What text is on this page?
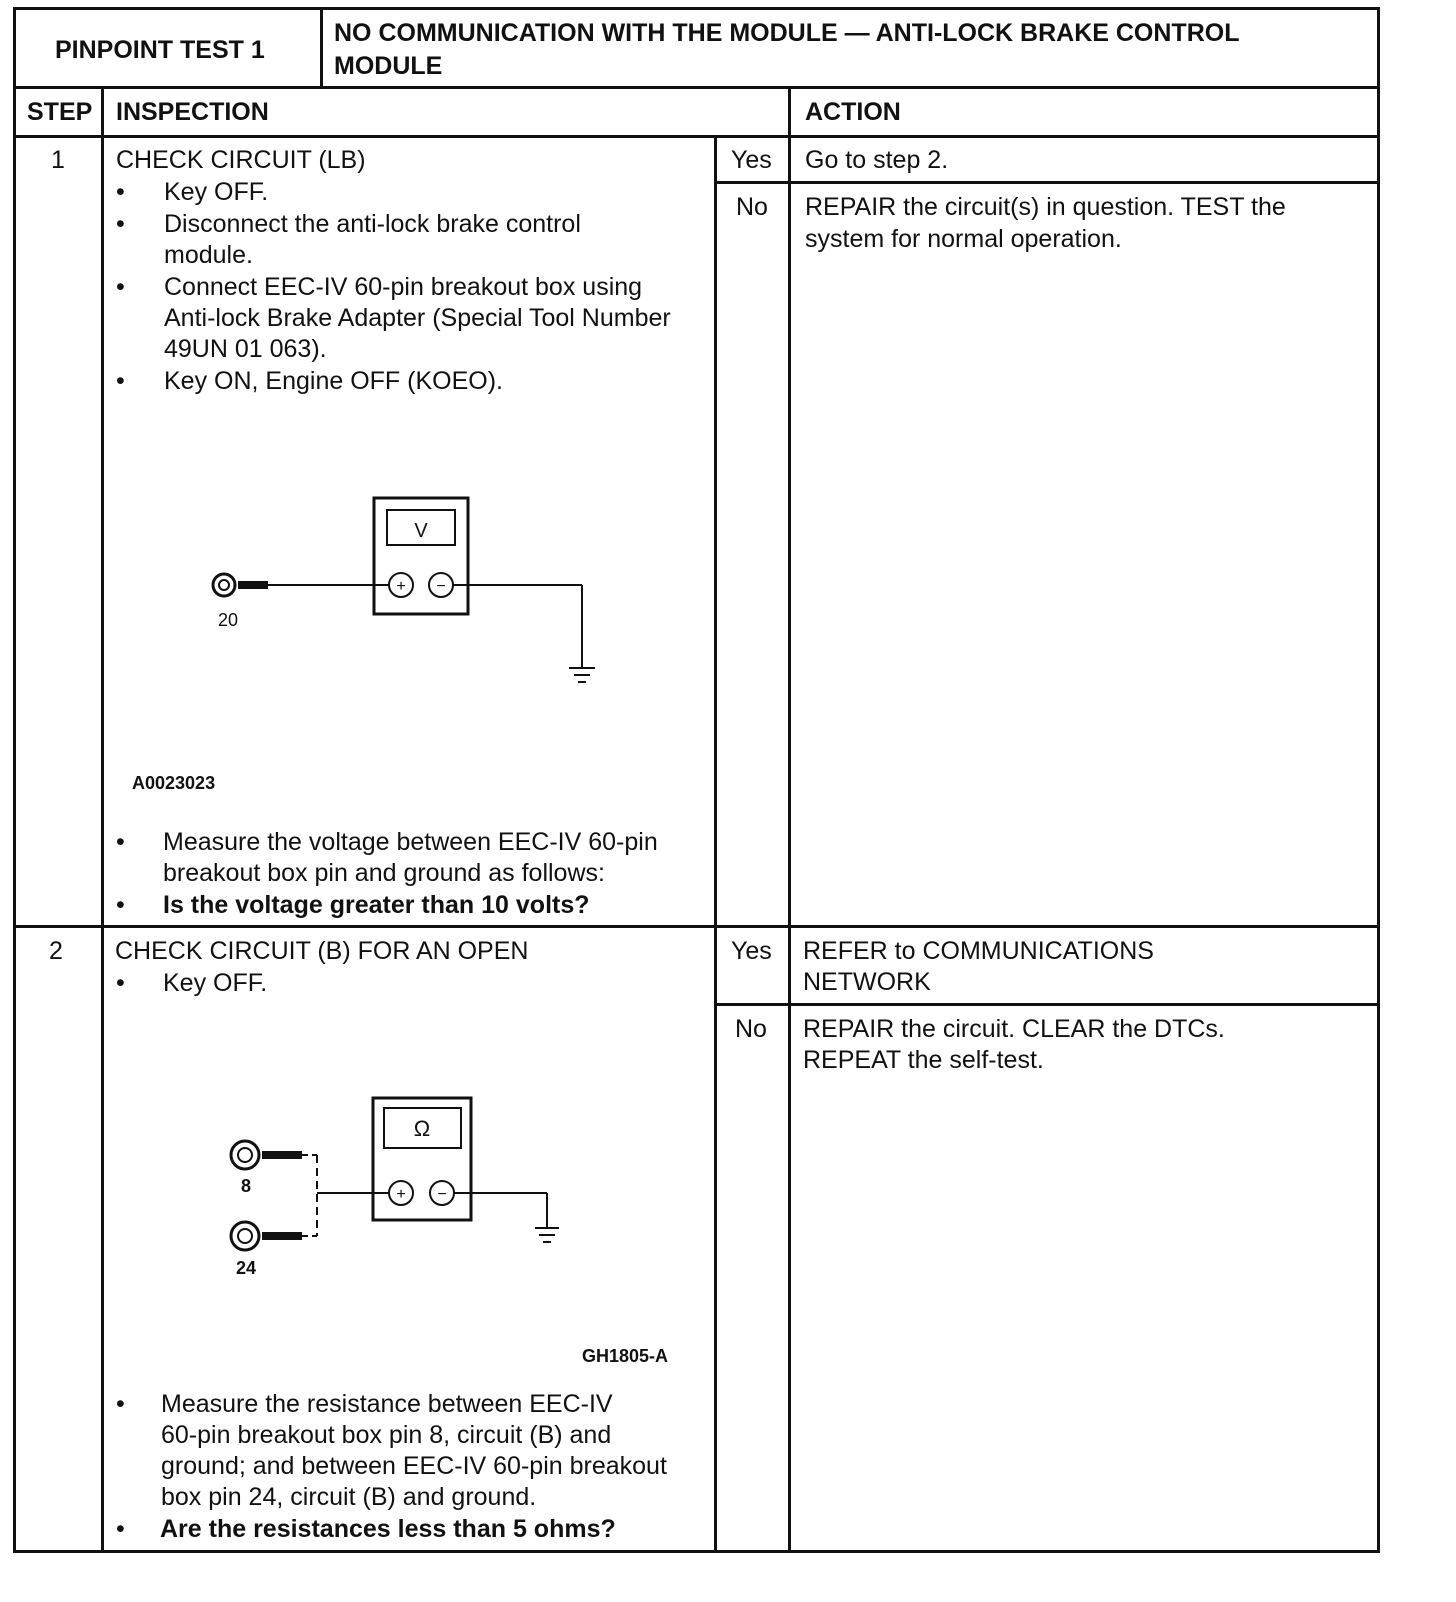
PINPOINT TEST 1
NO COMMUNICATION WITH THE MODULE — ANTI-LOCK BRAKE CONTROL
MODULE
STEP INSPECTION	ACTION
1 CHECK CIRCUIT (LB)
• Key OFF.
• Disconnect the anti-lock brake control
module.
• Connect EEC-IV 60-pin breakout box using
Anti-lock Brake Adapter (Special Tool Number
49UN 01 063).
• Key ON, Engine OFF (KOEO).
V
+ −
20
A0023023
• Measure the voltage between EEC-IV 60-pin
breakout box pin and ground as follows:
• Is the voltage greater than 10 volts?
Yes Go to step 2.
No REPAIR the circuit(s) in question. TEST the
system for normal operation.
2 CHECK CIRCUIT (B) FOR AN OPEN
• Key OFF.
Ω
+ −
8
24
GH1805-A
• Measure the resistance between EEC-IV
60-pin breakout box pin 8, circuit (B) and
ground; and between EEC-IV 60-pin breakout
box pin 24, circuit (B) and ground.
• Are the resistances less than 5 ohms?
Yes REFER to COMMUNICATIONS
NETWORK
No REPAIR the circuit. CLEAR the DTCs.
REPEAT the self-test.
